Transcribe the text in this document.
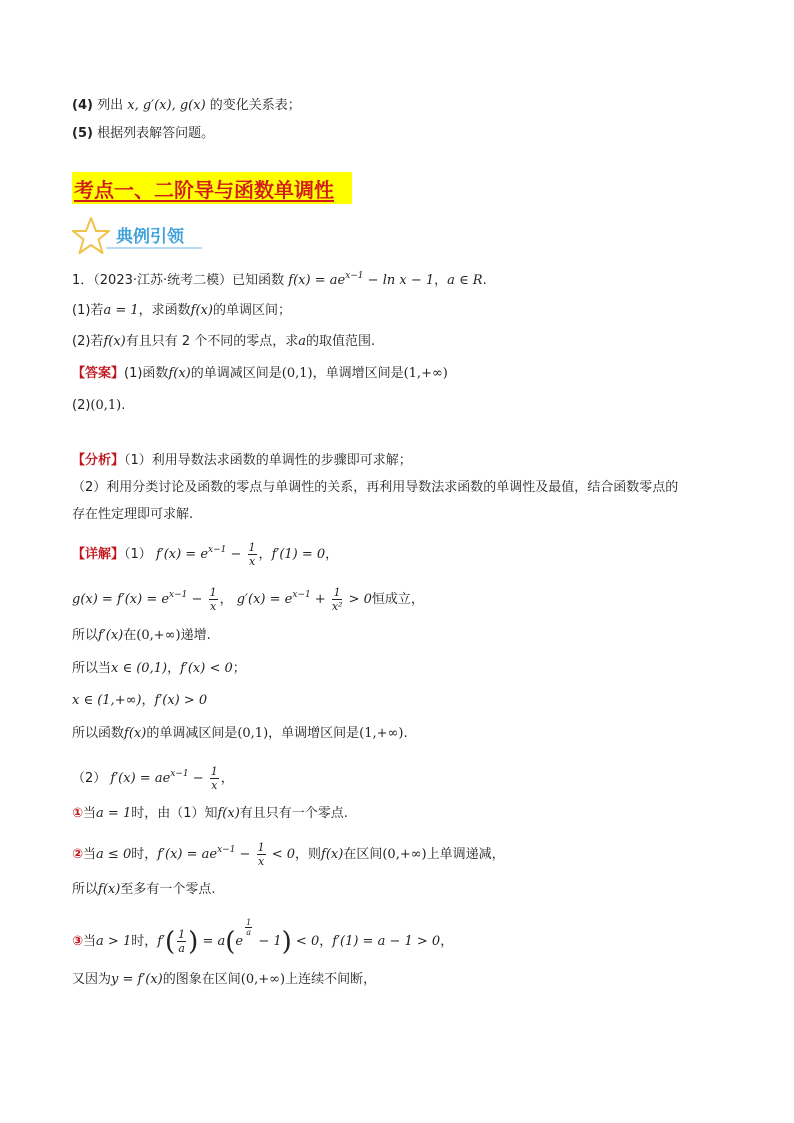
(4) 列出 x, g′(x), g(x) 的变化关系表；
(5) 根据列表解答问题。
考点一、二阶导与函数单调性
典例引领
1．（2023·江苏·统考二模）已知函数 $f(x) = ae^{x-1} - \ln x - 1$，a ∈ R.
(1)若a = 1，求函数f(x)的单调区间；
(2)若f(x)有且只有 2 个不同的零点，求a的取值范围.
【答案】(1)函数f(x)的单调减区间是(0,1)，单调增区间是(1,+∞)
(2)(0,1).
【分析】（1）利用导数法求函数的单调性的步骤即可求解；
（2）利用分类讨论及函数的零点与单调性的关系，再利用导数法求函数的单调性及最值，结合函数零点的
存在性定理即可求解.
【详解】（1） $f'(x) = e^{x-1} - \frac{1}{x}$ ，f′(1) = 0，
$g(x) = f'(x) = e^{x-1} - \frac{1}{x}$ ， $g'(x) = e^{x-1} + \frac{1}{\text{x²}} > 0$恒成立，
所以f′(x)在(0,+∞)递增.
所以当x ∈ (0,1)，f′(x) < 0；
x ∈ (1,+∞)，f′(x) > 0
所以函数f(x)的单调减区间是(0,1)，单调增区间是(1,+∞).
（2） $f'(x) = ae^{x-1} - \frac{1}{x}$ ，
①当a = 1时，由（1）知f(x)有且只有一个零点.
②当a ≤ 0时，$f'(x) = ae^{x-1} - \frac{1}{x} < 0$，则f(x)在区间(0,+∞)上单调递减，
所以f(x)至多有一个零点.
③当a > 1时，$f'( \frac{1}{a}$ ) = a(e
$\frac{1}{a}$
− 1) < 0，f′(1) = a − 1 > 0，
又因为y = f′(x)的图象在区间(0,+∞)上连续不间断，
